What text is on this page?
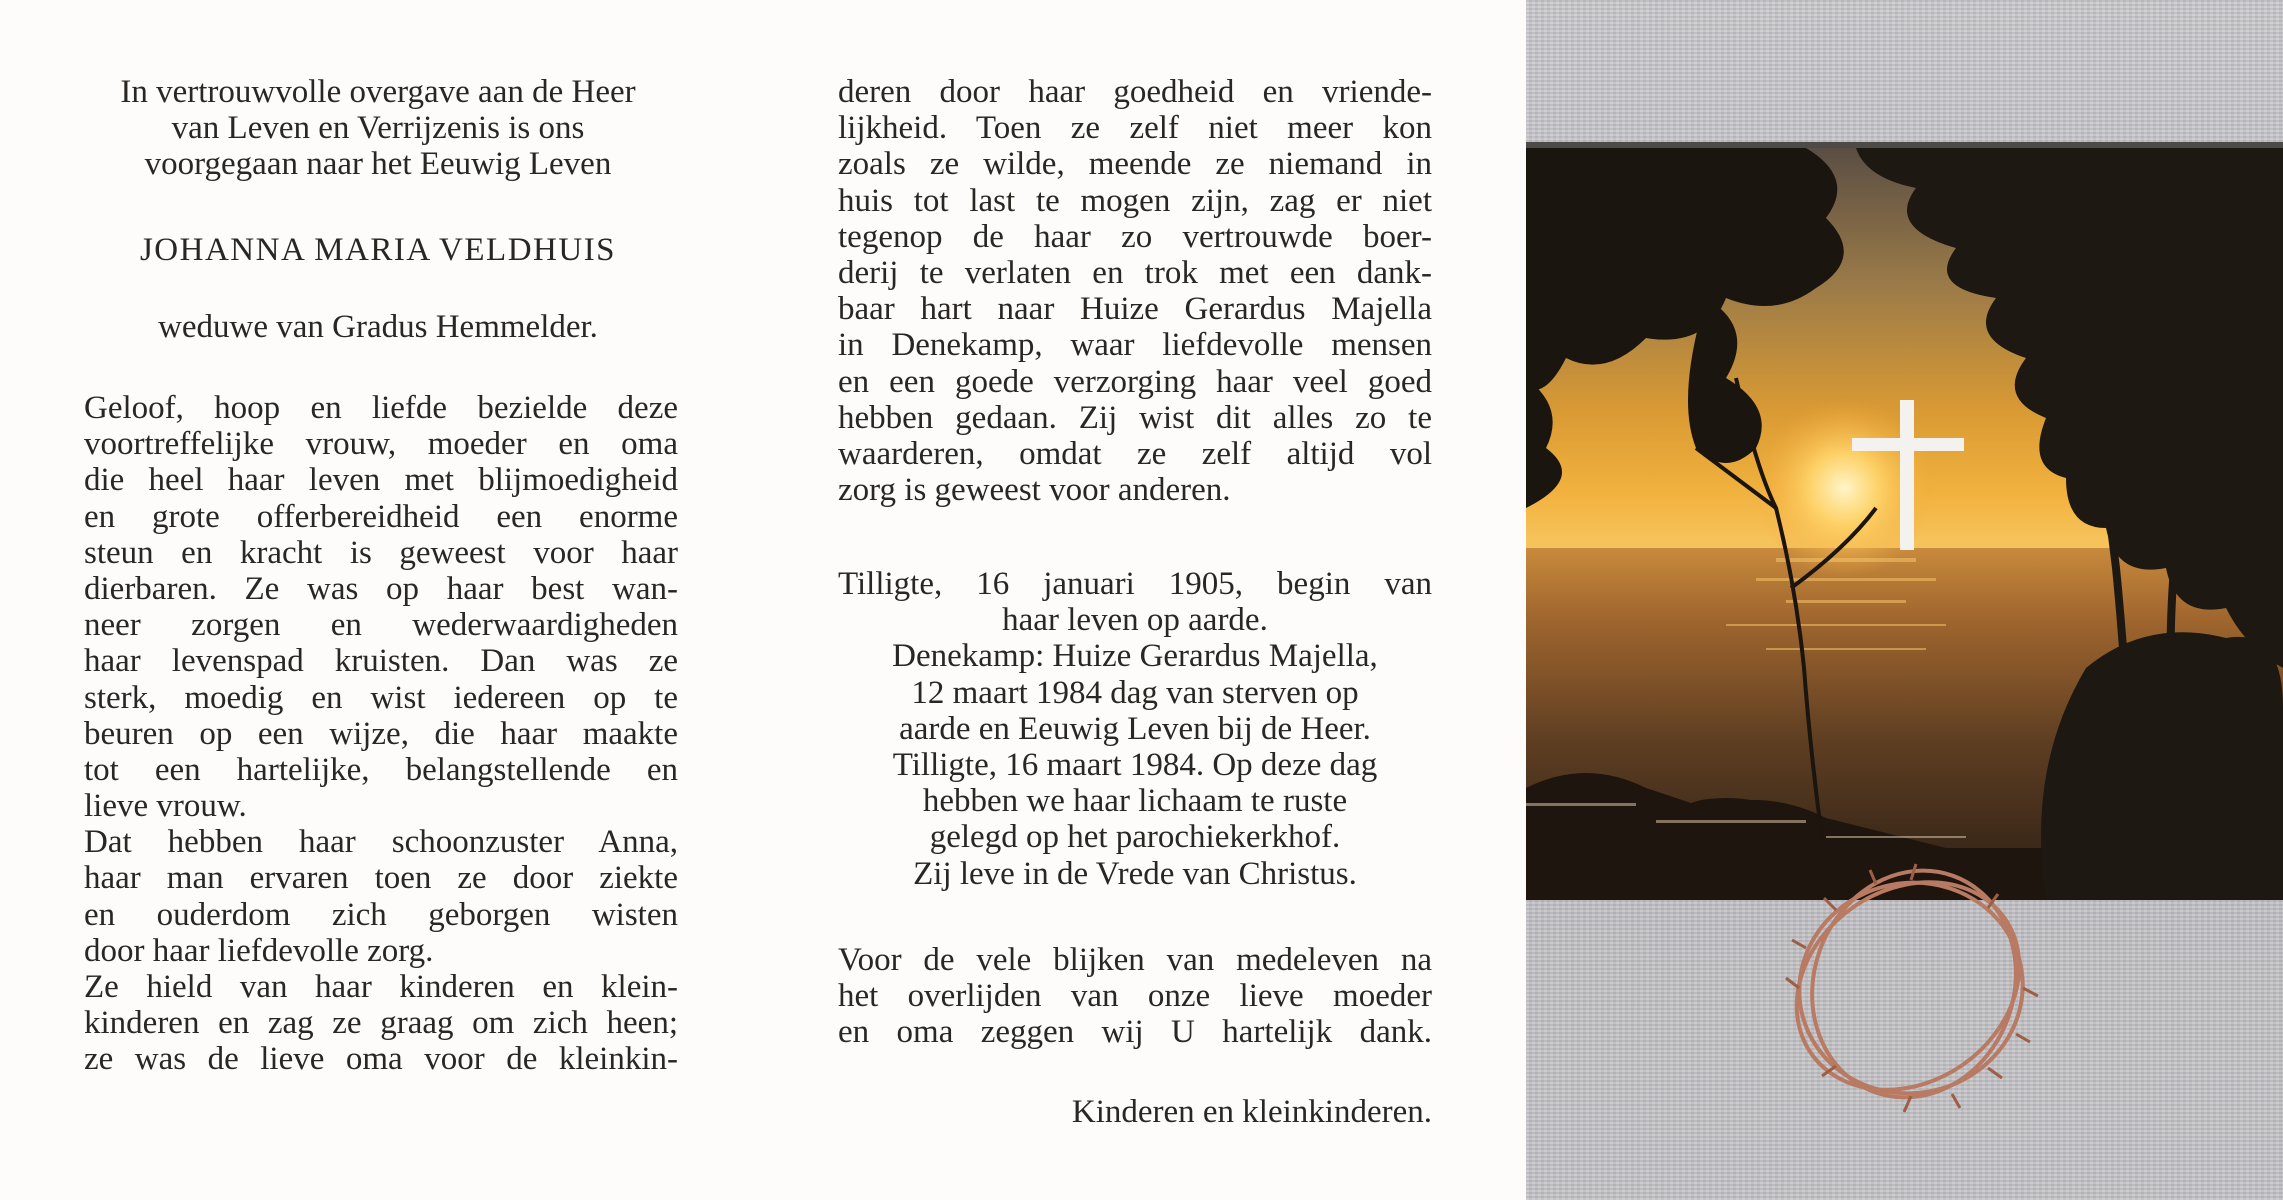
In vertrouwvolle overgave aan de Heer
van Leven en Verrijzenis is ons
voorgegaan naar het Eeuwig Leven
JOHANNA MARIA VELDHUIS
weduwe van Gradus Hemmelder.
Geloof, hoop en liefde bezielde deze
voortreffelijke vrouw, moeder en oma
die heel haar leven met blijmoedigheid
en grote offerbereidheid een enorme
steun en kracht is geweest voor haar
dierbaren. Ze was op haar best wan-
neer zorgen en wederwaardigheden
haar levenspad kruisten. Dan was ze
sterk, moedig en wist iedereen op te
beuren op een wijze, die haar maakte
tot een hartelijke, belangstellende en
lieve vrouw.
Dat hebben haar schoonzuster Anna,
haar man ervaren toen ze door ziekte
en ouderdom zich geborgen wisten
door haar liefdevolle zorg.
Ze hield van haar kinderen en klein-
kinderen en zag ze graag om zich heen;
ze was de lieve oma voor de kleinkin-
deren door haar goedheid en vriende-
lijkheid. Toen ze zelf niet meer kon
zoals ze wilde, meende ze niemand in
huis tot last te mogen zijn, zag er niet
tegenop de haar zo vertrouwde boer-
derij te verlaten en trok met een dank-
baar hart naar Huize Gerardus Majella
in Denekamp, waar liefdevolle mensen
en een goede verzorging haar veel goed
hebben gedaan. Zij wist dit alles zo te
waarderen, omdat ze zelf altijd vol
zorg is geweest voor anderen.
Tilligte, 16 januari 1905, begin van
haar leven op aarde.
Denekamp: Huize Gerardus Majella,
12 maart 1984 dag van sterven op
aarde en Eeuwig Leven bij de Heer.
Tilligte, 16 maart 1984. Op deze dag
hebben we haar lichaam te ruste
gelegd op het parochiekerkhof.
Zij leve in de Vrede van Christus.
Voor de vele blijken van medeleven na
het overlijden van onze lieve moeder
en oma zeggen wij U hartelijk dank.
Kinderen en kleinkinderen.
